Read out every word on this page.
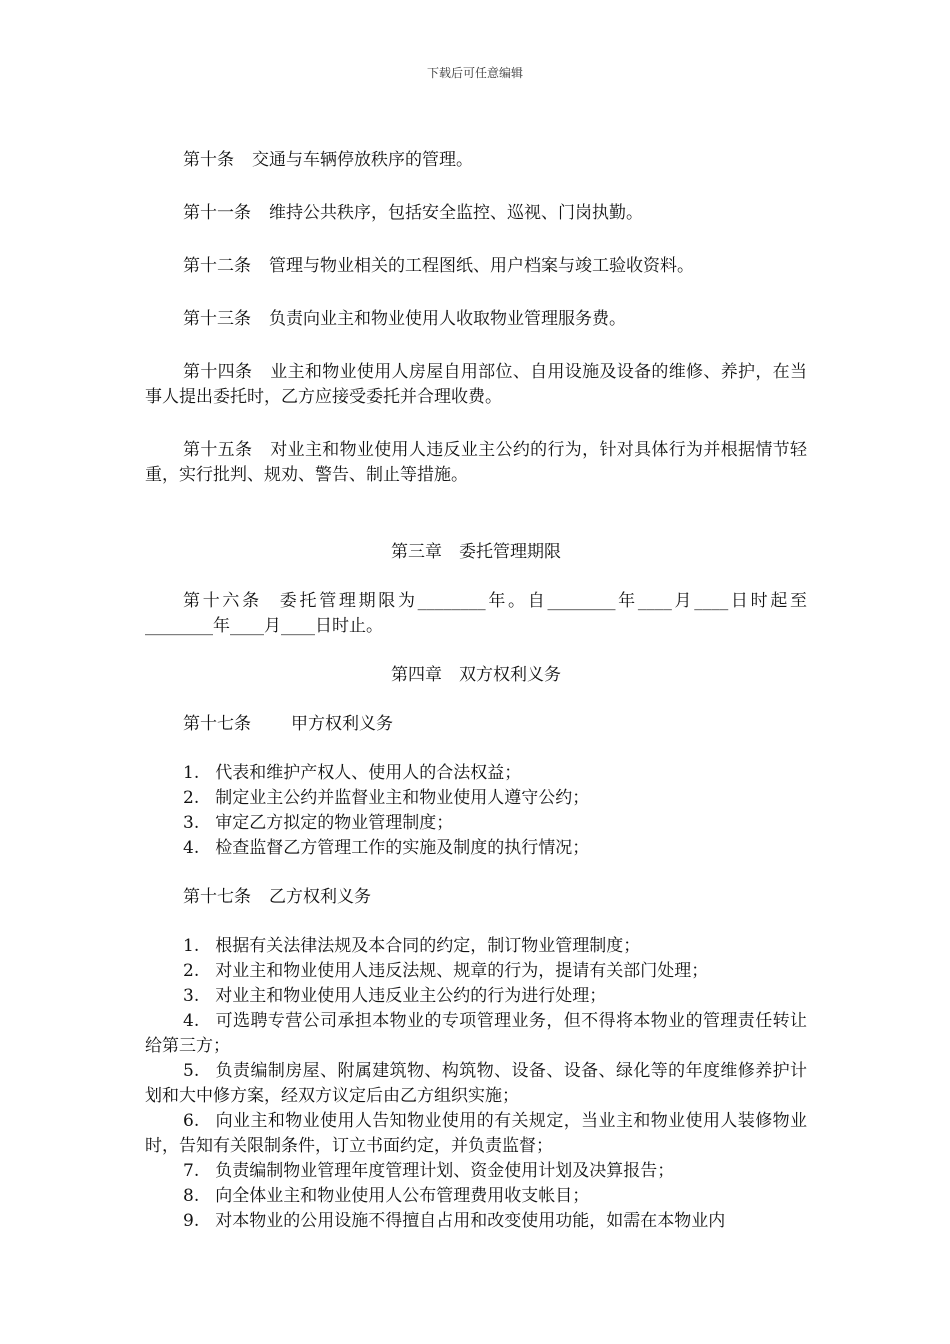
下载后可任意编辑

第十条 交通与车辆停放秩序的管理。

第十一条 维持公共秩序，包括安全监控、巡视、门岗执勤。

第十二条 管理与物业相关的工程图纸、用户档案与竣工验收资料。

第十三条 负责向业主和物业使用人收取物业管理服务费。

第十四条 业主和物业使用人房屋自用部位、自用设施及设备的维修、养护，在当事人提出委托时，乙方应接受委托并合理收费。

第十五条 对业主和物业使用人违反业主公约的行为，针对具体行为并根据情节轻重，实行批判、规劝、警告、制止等措施。

第三章　委托管理期限

第十六条 委托管理期限为________年。自________年____月____日时起至________年____月____日时止。

第四章　双方权利义务

第十七条 甲方权利义务

1. 代表和维护产权人、使用人的合法权益；
2. 制定业主公约并监督业主和物业使用人遵守公约；
3. 审定乙方拟定的物业管理制度；
4. 检查监督乙方管理工作的实施及制度的执行情况；

第十七条 乙方权利义务

1. 根据有关法律法规及本合同的约定，制订物业管理制度；
2. 对业主和物业使用人违反法规、规章的行为，提请有关部门处理；
3. 对业主和物业使用人违反业主公约的行为进行处理；
4. 可选聘专营公司承担本物业的专项管理业务，但不得将本物业的管理责任转让给第三方；
5. 负责编制房屋、附属建筑物、构筑物、设备、设备、绿化等的年度维修养护计划和大中修方案，经双方议定后由乙方组织实施；
6. 向业主和物业使用人告知物业使用的有关规定，当业主和物业使用人装修物业时，告知有关限制条件，订立书面约定，并负责监督；
7. 负责编制物业管理年度管理计划、资金使用计划及决算报告；
8. 向全体业主和物业使用人公布管理费用收支帐目；
9. 对本物业的公用设施不得擅自占用和改变使用功能，如需在本物业内
